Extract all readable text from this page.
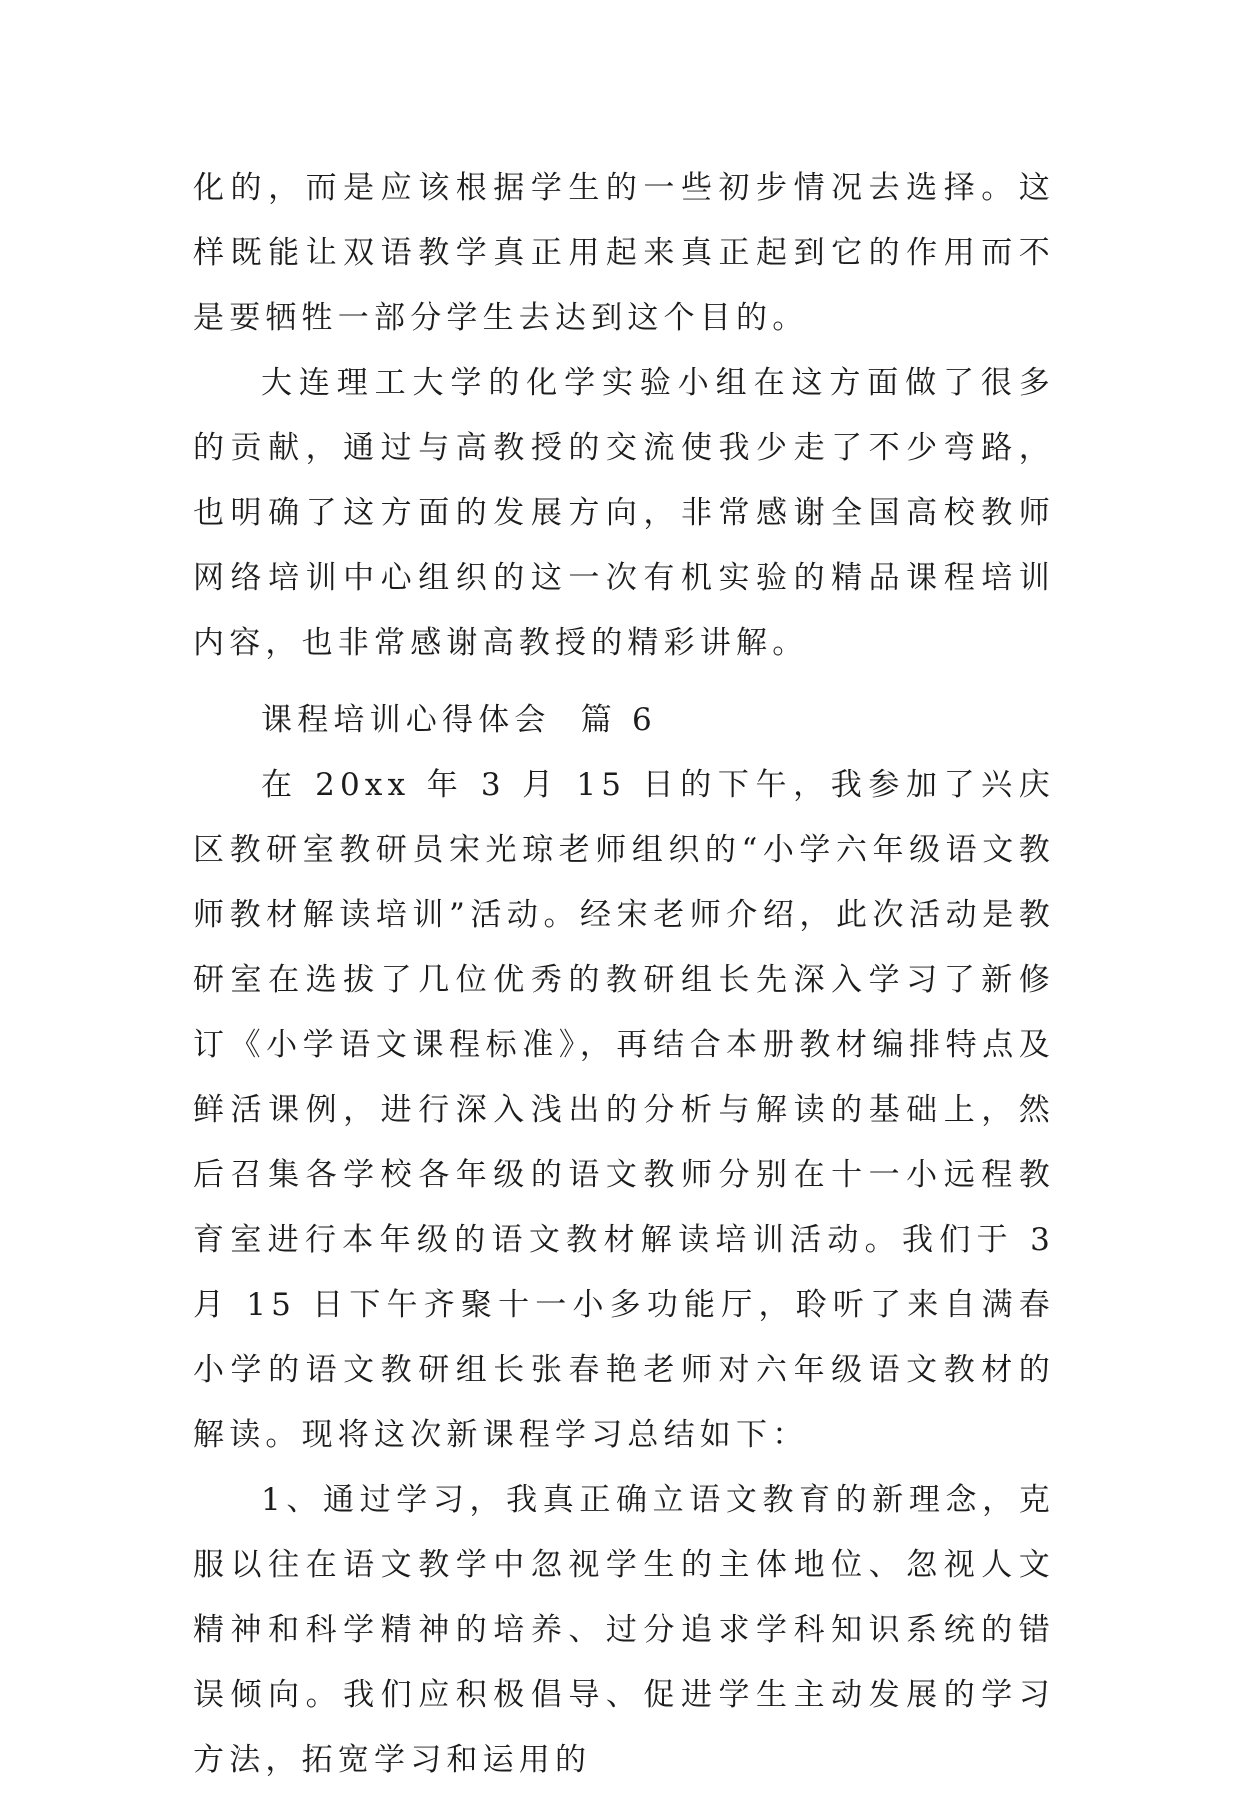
化的，而是应该根据学生的一些初步情况去选择。这样既能让双语教学真正用起来真正起到它的作用而不是要牺牲一部分学生去达到这个目的。

大连理工大学的化学实验小组在这方面做了很多的贡献，通过与高教授的交流使我少走了不少弯路，也明确了这方面的发展方向，非常感谢全国高校教师网络培训中心组织的这一次有机实验的精品课程培训内容，也非常感谢高教授的精彩讲解。

课程培训心得体会  篇 6

在 20xx 年 3 月 15 日的下午，我参加了兴庆区教研室教研员宋光琼老师组织的“小学六年级语文教师教材解读培训”活动。经宋老师介绍，此次活动是教研室在选拔了几位优秀的教研组长先深入学习了新修订《小学语文课程标准》，再结合本册教材编排特点及鲜活课例，进行深入浅出的分析与解读的基础上，然后召集各学校各年级的语文教师分别在十一小远程教育室进行本年级的语文教材解读培训活动。我们于 3 月 15 日下午齐聚十一小多功能厅，聆听了来自满春小学的语文教研组长张春艳老师对六年级语文教材的解读。现将这次新课程学习总结如下：

1、通过学习，我真正确立语文教育的新理念，克服以往在语文教学中忽视学生的主体地位、忽视人文精神和科学精神的培养、过分追求学科知识系统的错误倾向。我们应积极倡导、促进学生主动发展的学习方法，拓宽学习和运用的
